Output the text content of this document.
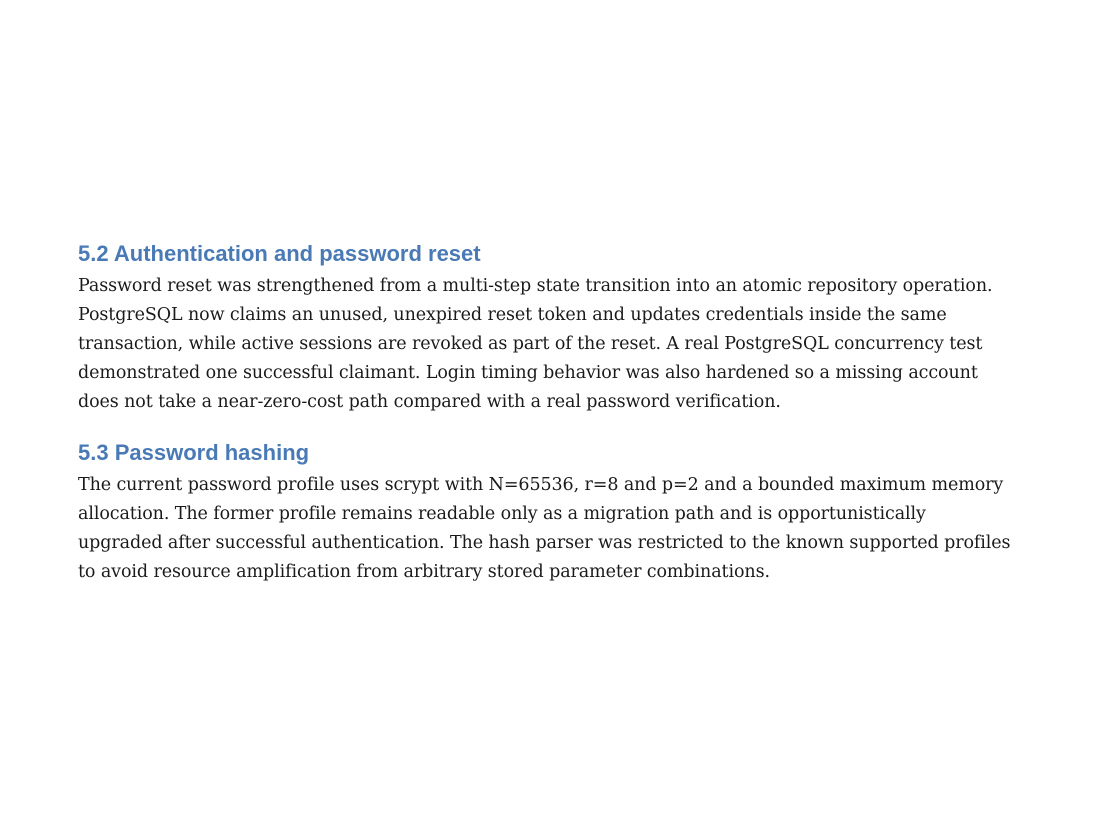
5.2 Authentication and password reset

Password reset was strengthened from a multi-step state transition into an atomic repository operation.
PostgreSQL now claims an unused, unexpired reset token and updates credentials inside the same
transaction, while active sessions are revoked as part of the reset. A real PostgreSQL concurrency test
demonstrated one successful claimant. Login timing behavior was also hardened so a missing account
does not take a near-zero-cost path compared with a real password verification.

5.3 Password hashing

The current password profile uses scrypt with N=65536, r=8 and p=2 and a bounded maximum memory
allocation. The former profile remains readable only as a migration path and is opportunistically
upgraded after successful authentication. The hash parser was restricted to the known supported profiles
to avoid resource amplification from arbitrary stored parameter combinations.
